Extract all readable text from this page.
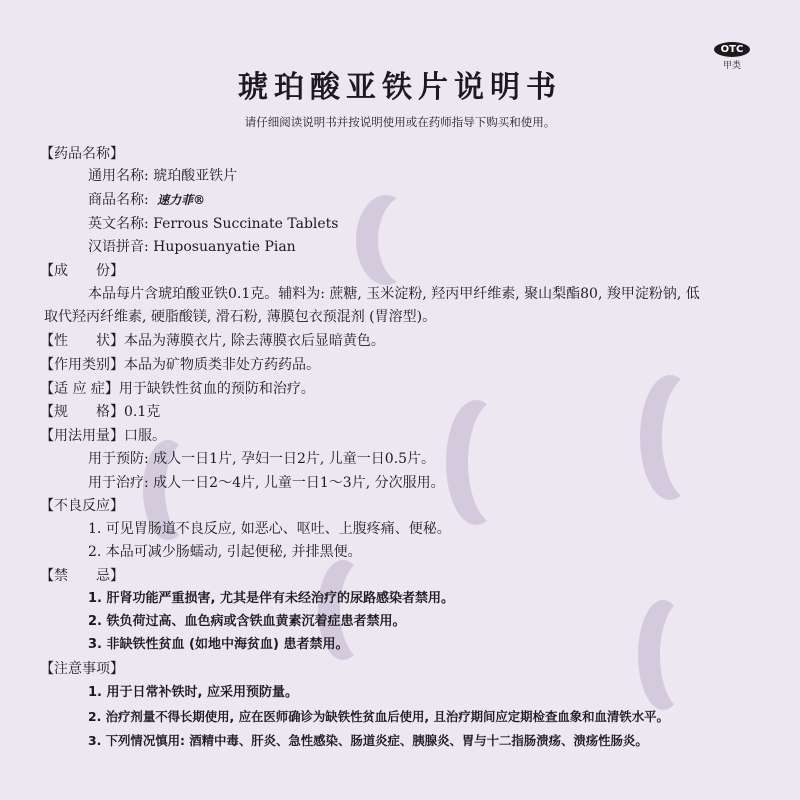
OTC
甲类
琥珀酸亚铁片说明书
请仔细阅读说明书并按说明使用或在药师指导下购买和使用。
【药品名称】
通用名称: 琥珀酸亚铁片
商品名称: 速力菲®
英文名称: Ferrous Succinate Tablets
汉语拼音: Huposuanyatie Pian
【成　　份】
本品每片含琥珀酸亚铁0.1克。辅料为: 蔗糖, 玉米淀粉, 羟丙甲纤维素, 聚山梨酯80, 羧甲淀粉钠, 低
取代羟丙纤维素, 硬脂酸镁, 滑石粉, 薄膜包衣预混剂 (胃溶型)。
【性　　状】本品为薄膜衣片, 除去薄膜衣后显暗黄色。
【作用类别】本品为矿物质类非处方药药品。
【适 应 症】用于缺铁性贫血的预防和治疗。
【规　　格】0.1克
【用法用量】口服。
用于预防: 成人一日1片, 孕妇一日2片, 儿童一日0.5片。
用于治疗: 成人一日2～4片, 儿童一日1～3片, 分次服用。
【不良反应】
1. 可见胃肠道不良反应, 如恶心、呕吐、上腹疼痛、便秘。
2. 本品可减少肠蠕动, 引起便秘, 并排黑便。
【禁　　忌】
1. 肝肾功能严重损害, 尤其是伴有未经治疗的尿路感染者禁用。
2. 铁负荷过高、血色病或含铁血黄素沉着症患者禁用。
3. 非缺铁性贫血 (如地中海贫血) 患者禁用。
【注意事项】
1. 用于日常补铁时, 应采用预防量。
2. 治疗剂量不得长期使用, 应在医师确诊为缺铁性贫血后使用, 且治疗期间应定期检查血象和血清铁水平。
3. 下列情况慎用: 酒精中毒、肝炎、急性感染、肠道炎症、胰腺炎、胃与十二指肠溃疡、溃疡性肠炎。
